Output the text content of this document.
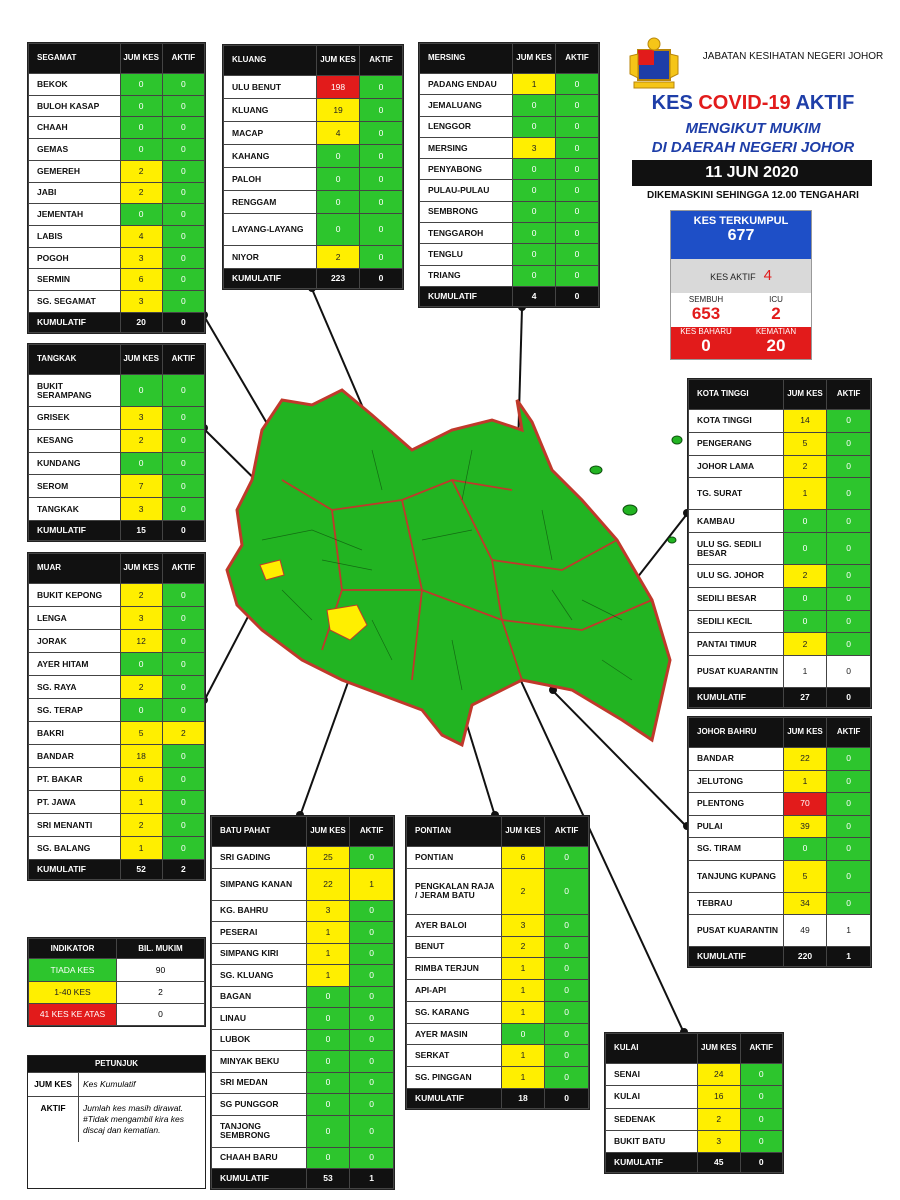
JABATAN KESIHATAN NEGERI JOHOR
KES COVID-19 AKTIF
MENGIKUT MUKIM
DI DAERAH NEGERI JOHOR
11 JUN 2020
DIKEMASKINI SEHINGGA 12.00 TENGAHARI
KES TERKUMPUL
677
KES AKTIF 4
SEMBUH
653
ICU
2
KES BAHARU
0
KEMATIAN
20
SEGAMAT	JUM KES	AKTIF
BEKOK	0	0
BULOH KASAP	0	0
CHAAH	0	0
GEMAS	0	0
GEMEREH	2	0
JABI	2	0
JEMENTAH	0	0
LABIS	4	0
POGOH	3	0
SERMIN	6	0
SG. SEGAMAT	3	0
KUMULATIF	20	0
KLUANG	JUM KES	AKTIF
ULU BENUT	198	0
KLUANG	19	0
MACAP	4	0
KAHANG	0	0
PALOH	0	0
RENGGAM	0	0
LAYANG-LAYANG	0	0
NIYOR	2	0
KUMULATIF	223	0
MERSING	JUM KES	AKTIF
PADANG ENDAU	1	0
JEMALUANG	0	0
LENGGOR	0	0
MERSING	3	0
PENYABONG	0	0
PULAU-PULAU	0	0
SEMBRONG	0	0
TENGGAROH	0	0
TENGLU	0	0
TRIANG	0	0
KUMULATIF	4	0
TANGKAK	JUM KES	AKTIF
BUKIT SERAMPANG	0	0
GRISEK	3	0
KESANG	2	0
KUNDANG	0	0
SEROM	7	0
TANGKAK	3	0
KUMULATIF	15	0
MUAR	JUM KES	AKTIF
BUKIT KEPONG	2	0
LENGA	3	0
JORAK	12	0
AYER HITAM	0	0
SG. RAYA	2	0
SG. TERAP	0	0
BAKRI	5	2
BANDAR	18	0
PT. BAKAR	6	0
PT. JAWA	1	0
SRI MENANTI	2	0
SG. BALANG	1	0
KUMULATIF	52	2
KOTA TINGGI	JUM KES	AKTIF
KOTA TINGGI	14	0
PENGERANG	5	0
JOHOR LAMA	2	0
TG. SURAT	1	0
KAMBAU	0	0
ULU SG. SEDILI BESAR	0	0
ULU SG. JOHOR	2	0
SEDILI BESAR	0	0
SEDILI KECIL	0	0
PANTAI TIMUR	2	0
PUSAT KUARANTIN	1	0
KUMULATIF	27	0
JOHOR BAHRU	JUM KES	AKTIF
BANDAR	22	0
JELUTONG	1	0
PLENTONG	70	0
PULAI	39	0
SG. TIRAM	0	0
TANJUNG KUPANG	5	0
TEBRAU	34	0
PUSAT KUARANTIN	49	1
KUMULATIF	220	1
BATU PAHAT	JUM KES	AKTIF
SRI GADING	25	0
SIMPANG KANAN	22	1
KG. BAHRU	3	0
PESERAI	1	0
SIMPANG KIRI	1	0
SG. KLUANG	1	0
BAGAN	0	0
LINAU	0	0
LUBOK	0	0
MINYAK BEKU	0	0
SRI MEDAN	0	0
SG PUNGGOR	0	0
TANJONG SEMBRONG	0	0
CHAAH BARU	0	0
KUMULATIF	53	1
PONTIAN	JUM KES	AKTIF
PONTIAN	6	0
PENGKALAN RAJA / JERAM BATU	2	0
AYER BALOI	3	0
BENUT	2	0
RIMBA TERJUN	1	0
API-API	1	0
SG. KARANG	1	0
AYER MASIN	0	0
SERKAT	1	0
SG. PINGGAN	1	0
KUMULATIF	18	0
KULAI	JUM KES	AKTIF
SENAI	24	0
KULAI	16	0
SEDENAK	2	0
BUKIT BATU	3	0
KUMULATIF	45	0
INDIKATOR	BIL. MUKIM
TIADA KES	90
1-40 KES	2
41 KES KE ATAS	0
PETUNJUK
JUM KES	Kes Kumulatif
AKTIF	Jumlah kes masih dirawat. #Tidak mengambil kira kes discaj dan kematian.
